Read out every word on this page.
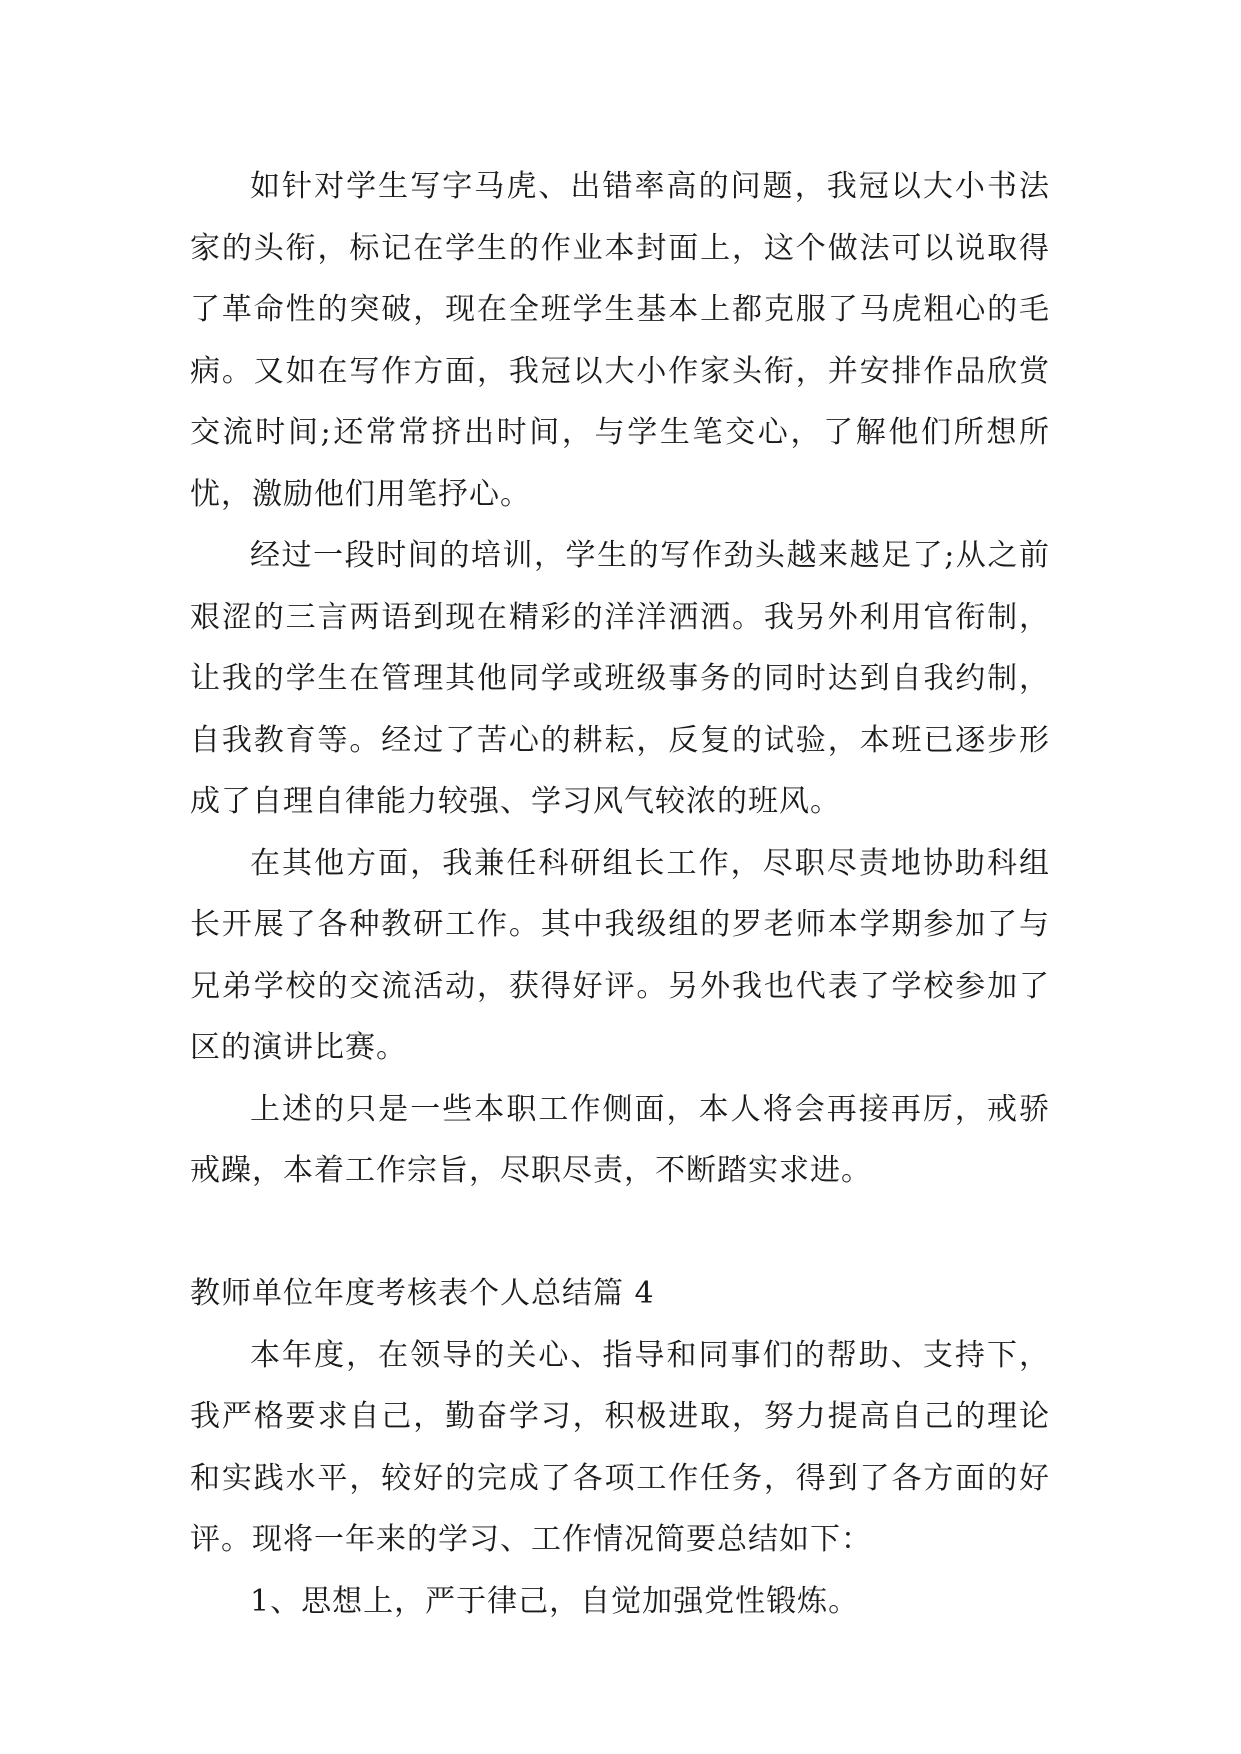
如针对学生写字马虎、出错率高的问题，我冠以大小书法家的头衔，标记在学生的作业本封面上，这个做法可以说取得了革命性的突破，现在全班学生基本上都克服了马虎粗心的毛病。又如在写作方面，我冠以大小作家头衔，并安排作品欣赏交流时间;还常常挤出时间，与学生笔交心，了解他们所想所忧，激励他们用笔抒心。

经过一段时间的培训，学生的写作劲头越来越足了;从之前艰涩的三言两语到现在精彩的洋洋洒洒。我另外利用官衔制，让我的学生在管理其他同学或班级事务的同时达到自我约制，自我教育等。经过了苦心的耕耘，反复的试验，本班已逐步形成了自理自律能力较强、学习风气较浓的班风。

在其他方面，我兼任科研组长工作，尽职尽责地协助科组长开展了各种教研工作。其中我级组的罗老师本学期参加了与兄弟学校的交流活动，获得好评。另外我也代表了学校参加了区的演讲比赛。

上述的只是一些本职工作侧面，本人将会再接再厉，戒骄戒躁，本着工作宗旨，尽职尽责，不断踏实求进。

教师单位年度考核表个人总结篇 4

本年度，在领导的关心、指导和同事们的帮助、支持下，我严格要求自己，勤奋学习，积极进取，努力提高自己的理论和实践水平，较好的完成了各项工作任务，得到了各方面的好评。现将一年来的学习、工作情况简要总结如下：

1、思想上，严于律己，自觉加强党性锻炼。
